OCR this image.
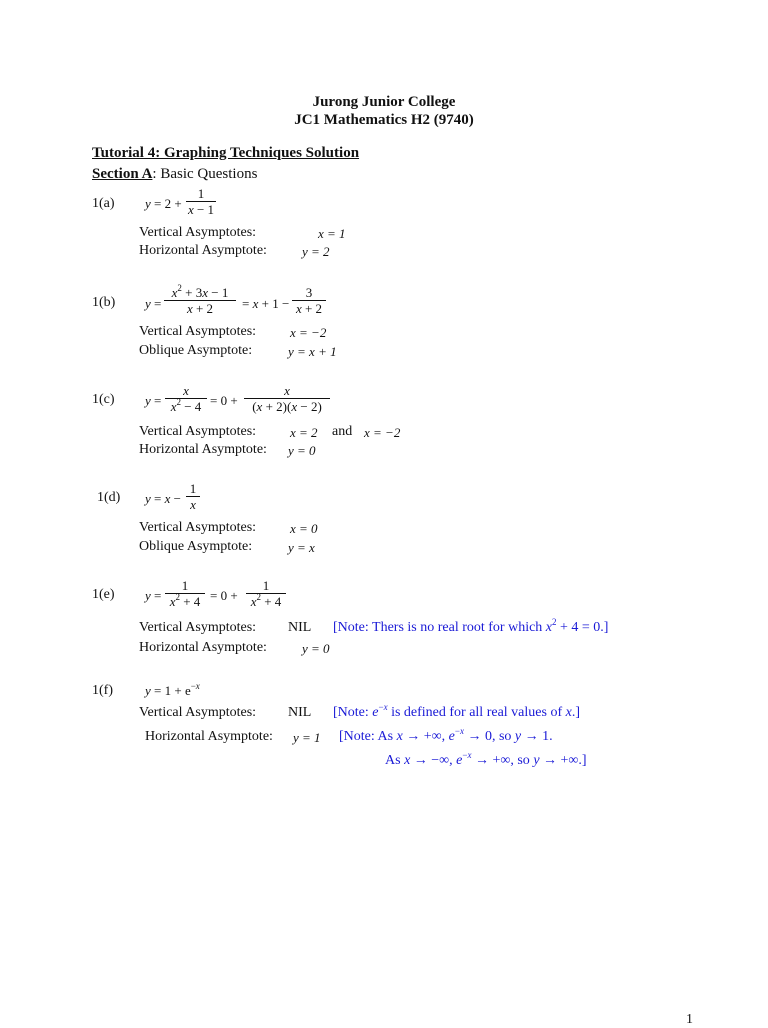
Jurong Junior College
JC1 Mathematics H2 (9740)
Tutorial 4: Graphing Techniques Solution
Section A: Basic Questions
1(a) $y = 2 + \frac{1}{x - 1}$
Vertical Asymptotes:	x = 1
Horizontal Asymptote:	y = 2
1(b) $y = \frac{x^2 + 3x - 1}{x + 2} = x + 1 - \frac{3}{x + 2}$
Vertical Asymptotes:	x = −2
Oblique Asymptote:	y = x + 1
1(c) $y = \frac{x}{x^2 - 4} = 0 + \frac{x}{(x + 2)(x - 2)}$
Vertical Asymptotes:	x = 2 and x = −2
Horizontal Asymptote: y = 0
1(d) $y = x - \frac{1}{x}$
Vertical Asymptotes:	x = 0
Oblique Asymptote:	y = x
1(e) $y = \frac{1}{x^2 + 4} = 0 + \frac{1}{x^2 + 4}$
Vertical Asymptotes: NIL [Note: Thers is no real root for which $x^2 + 4 = 0$.]
Horizontal Asymptote:	y = 0
1(f) $y = 1 + e^{-x}$
Vertical Asymptotes: NIL [Note: $e^{-x}$ is defined for all real values of x.]
Horizontal Asymptote: y = 1 [Note: As x → +∞, $e^{-x} \to 0$, so y → 1.
As x → −∞, $e^{-x}$ → +∞, so y → +∞.]
1
